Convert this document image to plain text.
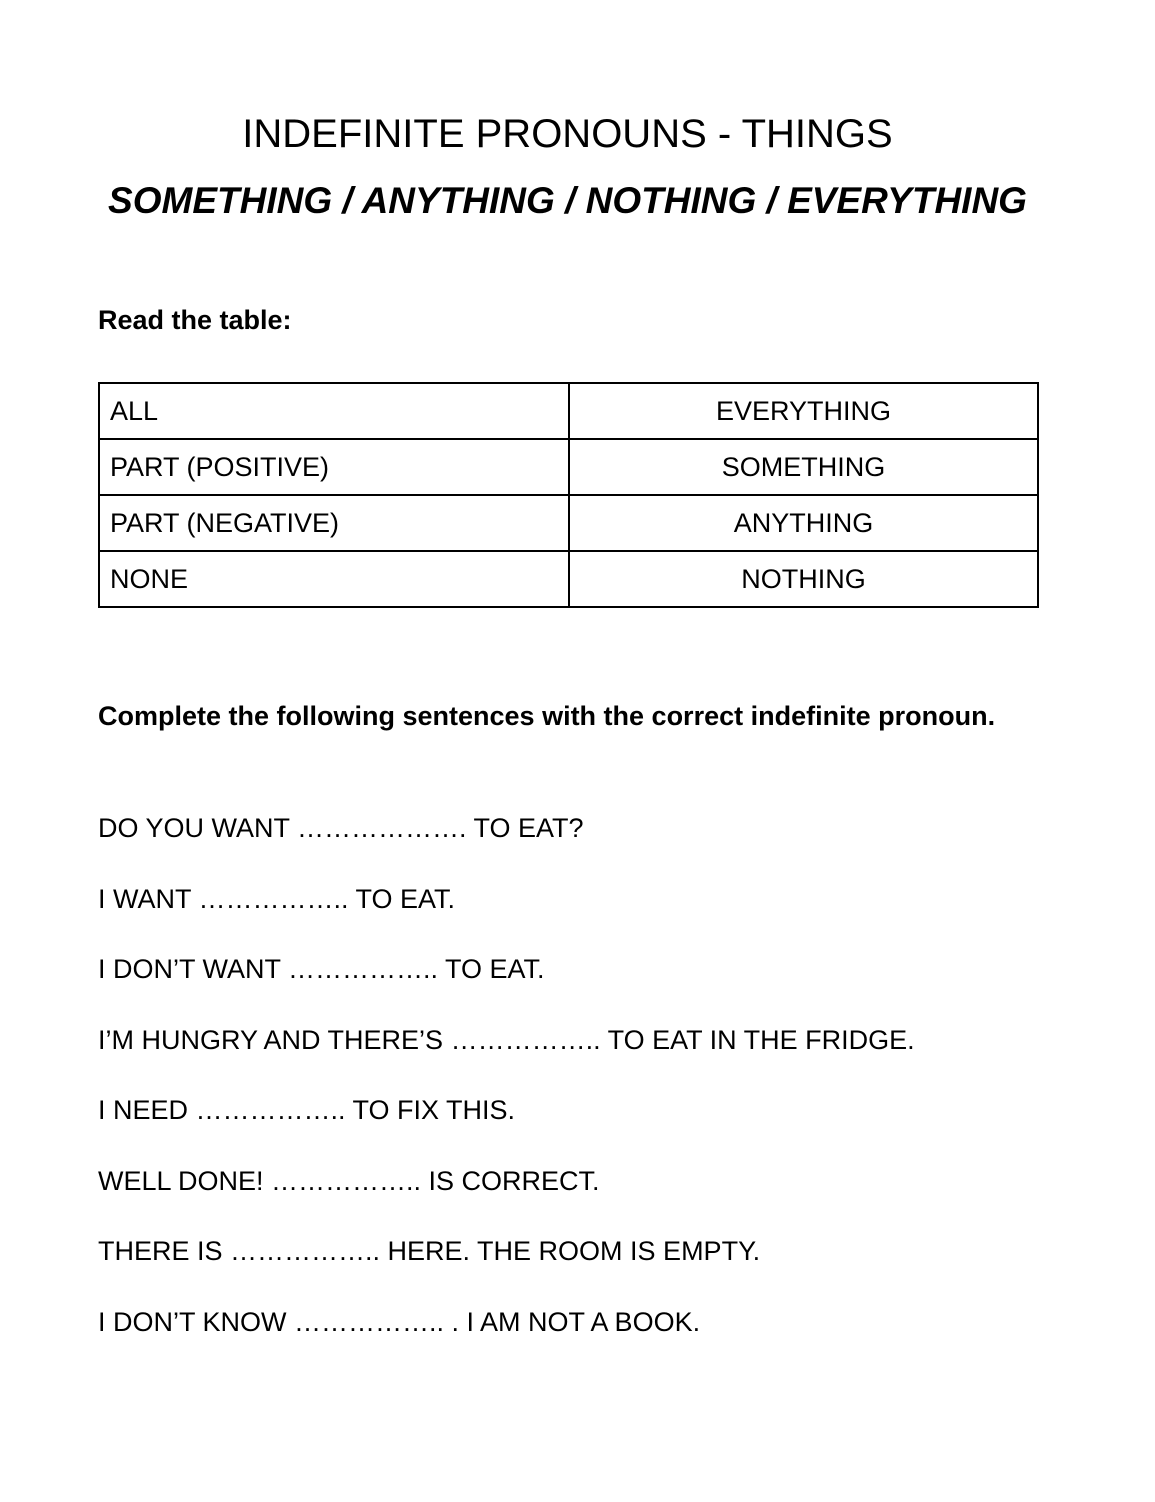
INDEFINITE PRONOUNS - THINGS
SOMETHING / ANYTHING / NOTHING / EVERYTHING

Read the table:

ALL	EVERYTHING
PART (POSITIVE)	SOMETHING
PART (NEGATIVE)	ANYTHING
NONE	NOTHING

Complete the following sentences with the correct indefinite pronoun.

DO YOU WANT ………………. TO EAT?
I WANT …………….. TO EAT.
I DON’T WANT …………….. TO EAT.
I’M HUNGRY AND THERE’S …………….. TO EAT IN THE FRIDGE.
I NEED …………….. TO FIX THIS.
WELL DONE! …………….. IS CORRECT.
THERE IS …………….. HERE. THE ROOM IS EMPTY.
I DON’T KNOW …………….. . I AM NOT A BOOK.
